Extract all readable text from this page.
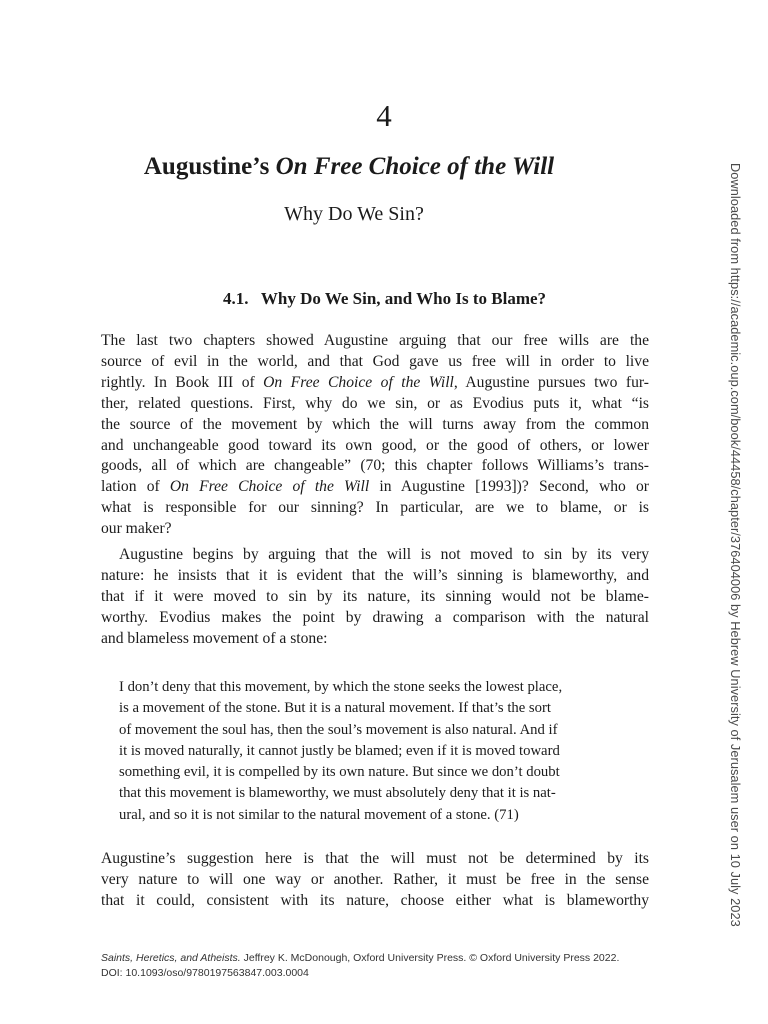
4
Augustine’s On Free Choice of the Will
Why Do We Sin?
4.1.   Why Do We Sin, and Who Is to Blame?
The last two chapters showed Augustine arguing that our free wills are the
source of evil in the world, and that God gave us free will in order to live
rightly. In Book III of On Free Choice of the Will, Augustine pursues two fur-
ther, related questions. First, why do we sin, or as Evodius puts it, what “is
the source of the movement by which the will turns away from the common
and unchangeable good toward its own good, or the good of others, or lower
goods, all of which are changeable” (70; this chapter follows Williams’s trans-
lation of On Free Choice of the Will in Augustine [1993])? Second, who or
what is responsible for our sinning? In particular, are we to blame, or is
our maker?
Augustine begins by arguing that the will is not moved to sin by its very
nature: he insists that it is evident that the will’s sinning is blameworthy, and
that if it were moved to sin by its nature, its sinning would not be blame-
worthy. Evodius makes the point by drawing a comparison with the natural
and blameless movement of a stone:
I don’t deny that this movement, by which the stone seeks the lowest place,
is a movement of the stone. But it is a natural movement. If that’s the sort
of movement the soul has, then the soul’s movement is also natural. And if
it is moved naturally, it cannot justly be blamed; even if it is moved toward
something evil, it is compelled by its own nature. But since we don’t doubt
that this movement is blameworthy, we must absolutely deny that it is nat-
ural, and so it is not similar to the natural movement of a stone. (71)
Augustine’s suggestion here is that the will must not be determined by its
very nature to will one way or another. Rather, it must be free in the sense
that it could, consistent with its nature, choose either what is blameworthy	Downloaded from https://academic.oup.com/book/44458/chapter/376404006 by Hebrew University of Jerusalem user on 10 July 2023
Saints, Heretics, and Atheists. Jeffrey K. McDonough, Oxford University Press. © Oxford University Press 2022.
DOI: 10.1093/oso/9780197563847.003.0004
